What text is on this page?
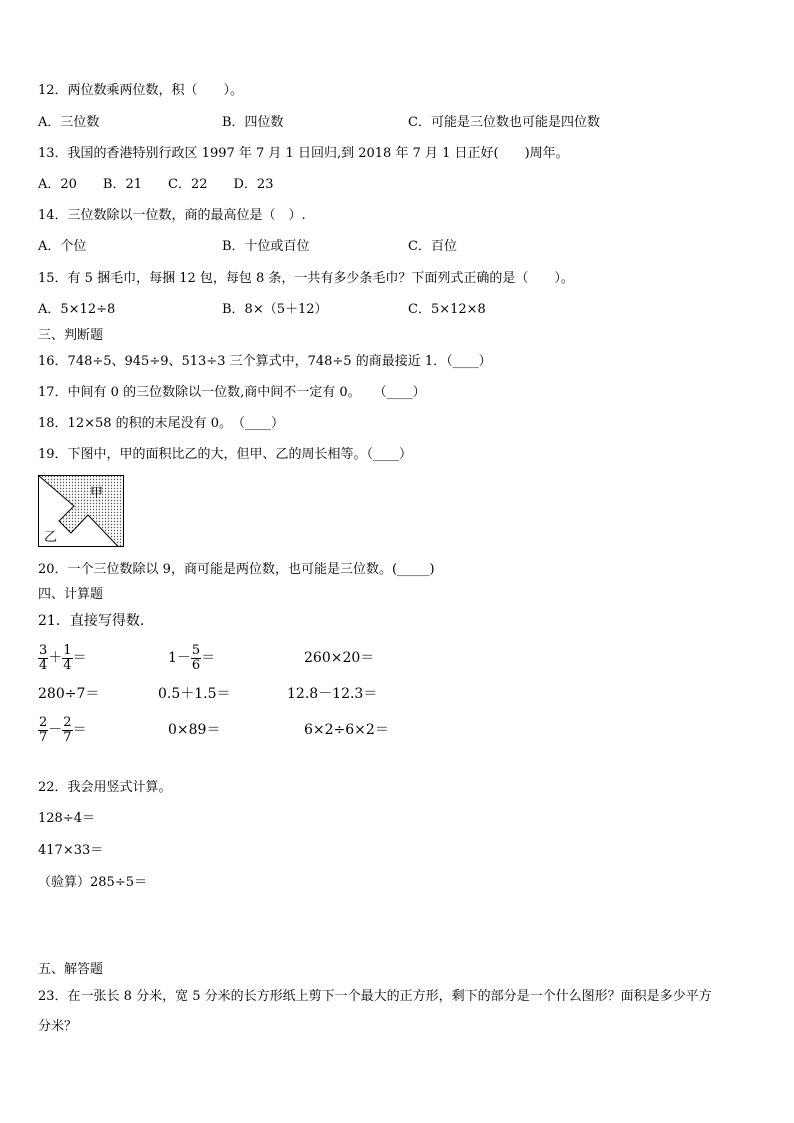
12．两位数乘两位数，积（　　）。
A．三位数	B．四位数	C．可能是三位数也可能是四位数
13．我国的香港特别行政区 1997 年 7 月 1 日回归,到 2018 年 7 月 1 日正好(　　)周年。
A．20　　B．21　　C．22　　D．23
14．三位数除以一位数，商的最高位是（　）.
A．个位	B．十位或百位	C．百位
15．有 5 捆毛巾，每捆 12 包，每包 8 条，一共有多少条毛巾？下面列式正确的是（　　）。
A．5×12÷8	B．8×（5＋12）	C．5×12×8
三、判断题
16．748÷5、945÷9、513÷3 三个算式中，748÷5 的商最接近 1．（____）
17．中间有 0 的三位数除以一位数,商中间不一定有 0。　　（____）
18．12×58 的积的末尾没有 0。　（____）
19．下图中，甲的面积比乙的大，但甲、乙的周长相等。（____）
甲
乙
20．一个三位数除以 9，商可能是两位数，也可能是三位数。(_____)
四、计算题
21．直接写得数.
$\frac{3}{4} + \frac{1}{4}$ ＝	$1- \frac{5}{6}$ ＝	260×20＝
280÷7＝	0.5＋1.5＝	12.8－12.3＝
$\frac{2}{7} - \frac{2}{7}$ ＝	0×89＝	6×2÷6×2＝
22．我会用竖式计算。
128÷4＝
417×33＝
（验算）285÷5＝
五、解答题
23．在一张长 8 分米，宽 5 分米的长方形纸上剪下一个最大的正方形，剩下的部分是一个什么图形？面积是多少平方
分米？
